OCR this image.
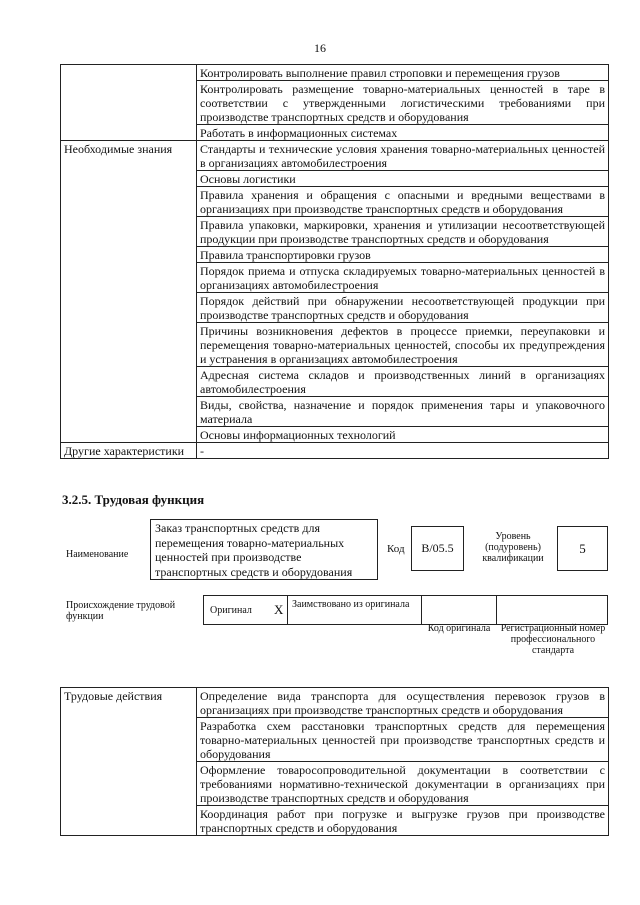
16
	Контролировать выполнение правил строповки и перемещения грузов
	Контролировать размещение товарно-материальных ценностей в таре в соответствии с утвержденными логистическими требованиями при производстве транспортных средств и оборудования
	Работать в информационных системах
Необходимые знания	Стандарты и технические условия хранения товарно-материальных ценностей в организациях автомобилестроения
	Основы логистики
	Правила хранения и обращения с опасными и вредными веществами в организациях при производстве транспортных средств и оборудования
	Правила упаковки, маркировки, хранения и утилизации несоответствующей продукции при производстве транспортных средств и оборудования
	Правила транспортировки грузов
	Порядок приема и отпуска складируемых товарно-материальных ценностей в организациях автомобилестроения
	Порядок действий при обнаружении несоответствующей продукции при производстве транспортных средств и оборудования
	Причины возникновения дефектов в процессе приемки, переупаковки и перемещения товарно-материальных ценностей, способы их предупреждения и устранения в организациях автомобилестроения
	Адресная система складов и производственных линий в организациях автомобилестроения
	Виды, свойства, назначение и порядок применения тары и упаковочного материала
	Основы информационных технологий
Другие характеристики	-
3.2.5. Трудовая функция
Наименование
Заказ транспортных средств для перемещения товарно-материальных ценностей при производстве транспортных средств и оборудования
Код	B/05.5
Уровень (подуровень) квалификации
5
Происхождение трудовой функции
Оригинал X Заимствовано из оригинала
Код оригинала	Регистрационный номер профессионального стандарта
Трудовые действия	Определение вида транспорта для осуществления перевозок грузов в организациях при производстве транспортных средств и оборудования
Разработка схем расстановки транспортных средств для перемещения товарно-материальных ценностей при производстве транспортных средств и оборудования
Оформление товаросопроводительной документации в соответствии с требованиями нормативно-технической документации в организациях при производстве транспортных средств и оборудования
Координация работ при погрузке и выгрузке грузов при производстве транспортных средств и оборудования
